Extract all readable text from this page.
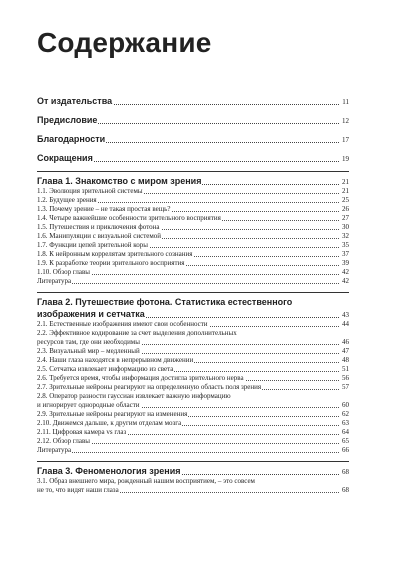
Содержание
От издательства	11
Предисловие	12
Благодарности	17
Сокращения	19
Глава 1. Знакомство с миром зрения	21
1.1. Эволюция зрительной системы	21
1.2. Будущее зрения	25
1.3. Почему зрение – не такая простая вещь?	26
1.4. Четыре важнейшие особенности зрительного восприятия	27
1.5. Путешествия и приключения фотона	30
1.6. Манипуляции с визуальной системой	32
1.7. Функции цепей зрительной коры	35
1.8. К нейронным коррелятам зрительного сознания	37
1.9. К разработке теории зрительного восприятия	39
1.10. Обзор главы	42
Литература	42
Глава 2. Путешествие фотона. Статистика естественного
изображения и сетчатка	43
2.1. Естественные изображения имеют свои особенности	44
2.2. Эффективное кодирование за счет выделения дополнительных
ресурсов там, где они необходимы	46
2.3. Визуальный мир – медленный	47
2.4. Наши глаза находятся в непрерывном движении	48
2.5. Сетчатка извлекает информацию из света	51
2.6. Требуется время, чтобы информация достигла зрительного нерва	56
2.7. Зрительные нейроны реагируют на определенную область поля зрения	57
2.8. Оператор разности гауссиан извлекает важную информацию
и игнорирует однородные области	60
2.9. Зрительные нейроны реагируют на изменения	62
2.10. Движемся дальше, к другим отделам мозга	63
2.11. Цифровая камера vs глаз	64
2.12. Обзор главы	65
Литература	66
Глава 3. Феноменология зрения	68
3.1. Образ внешнего мира, рожденный нашим восприятием, – это совсем
не то, что видят наши глаза	68
